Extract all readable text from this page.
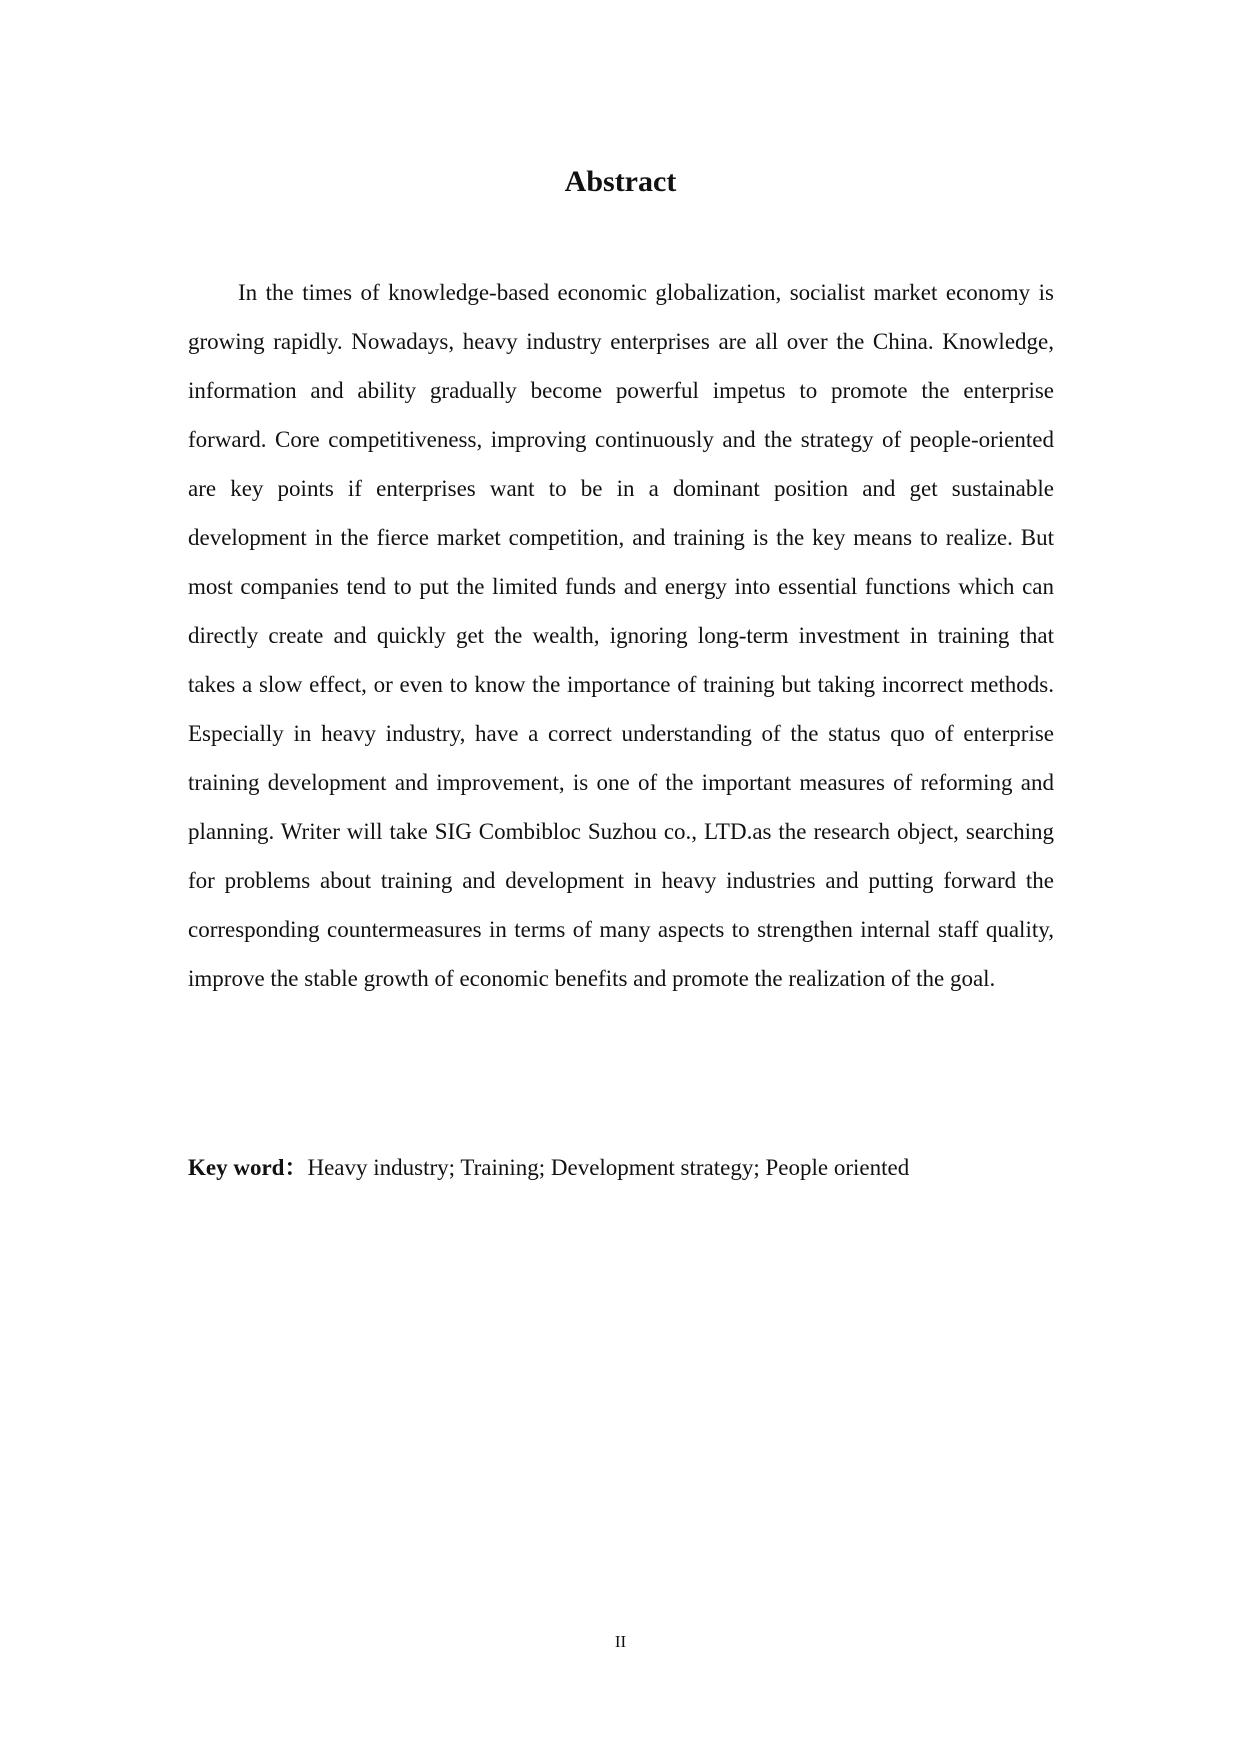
Abstract

In the times of knowledge-based economic globalization, socialist market economy is growing rapidly. Nowadays, heavy industry enterprises are all over the China. Knowledge, information and ability gradually become powerful impetus to promote the enterprise forward. Core competitiveness, improving continuously and the strategy of people-oriented are key points if enterprises want to be in a dominant position and get sustainable development in the fierce market competition, and training is the key means to realize. But most companies tend to put the limited funds and energy into essential functions which can directly create and quickly get the wealth, ignoring long-term investment in training that takes a slow effect, or even to know the importance of training but taking incorrect methods. Especially in heavy industry, have a correct understanding of the status quo of enterprise training development and improvement, is one of the important measures of reforming and planning. Writer will take SIG Combibloc Suzhou co., LTD.as the research object, searching for problems about training and development in heavy industries and putting forward the corresponding countermeasures in terms of many aspects to strengthen internal staff quality, improve the stable growth of economic benefits and promote the realization of the goal.

Key word：Heavy industry; Training; Development strategy; People oriented

II
